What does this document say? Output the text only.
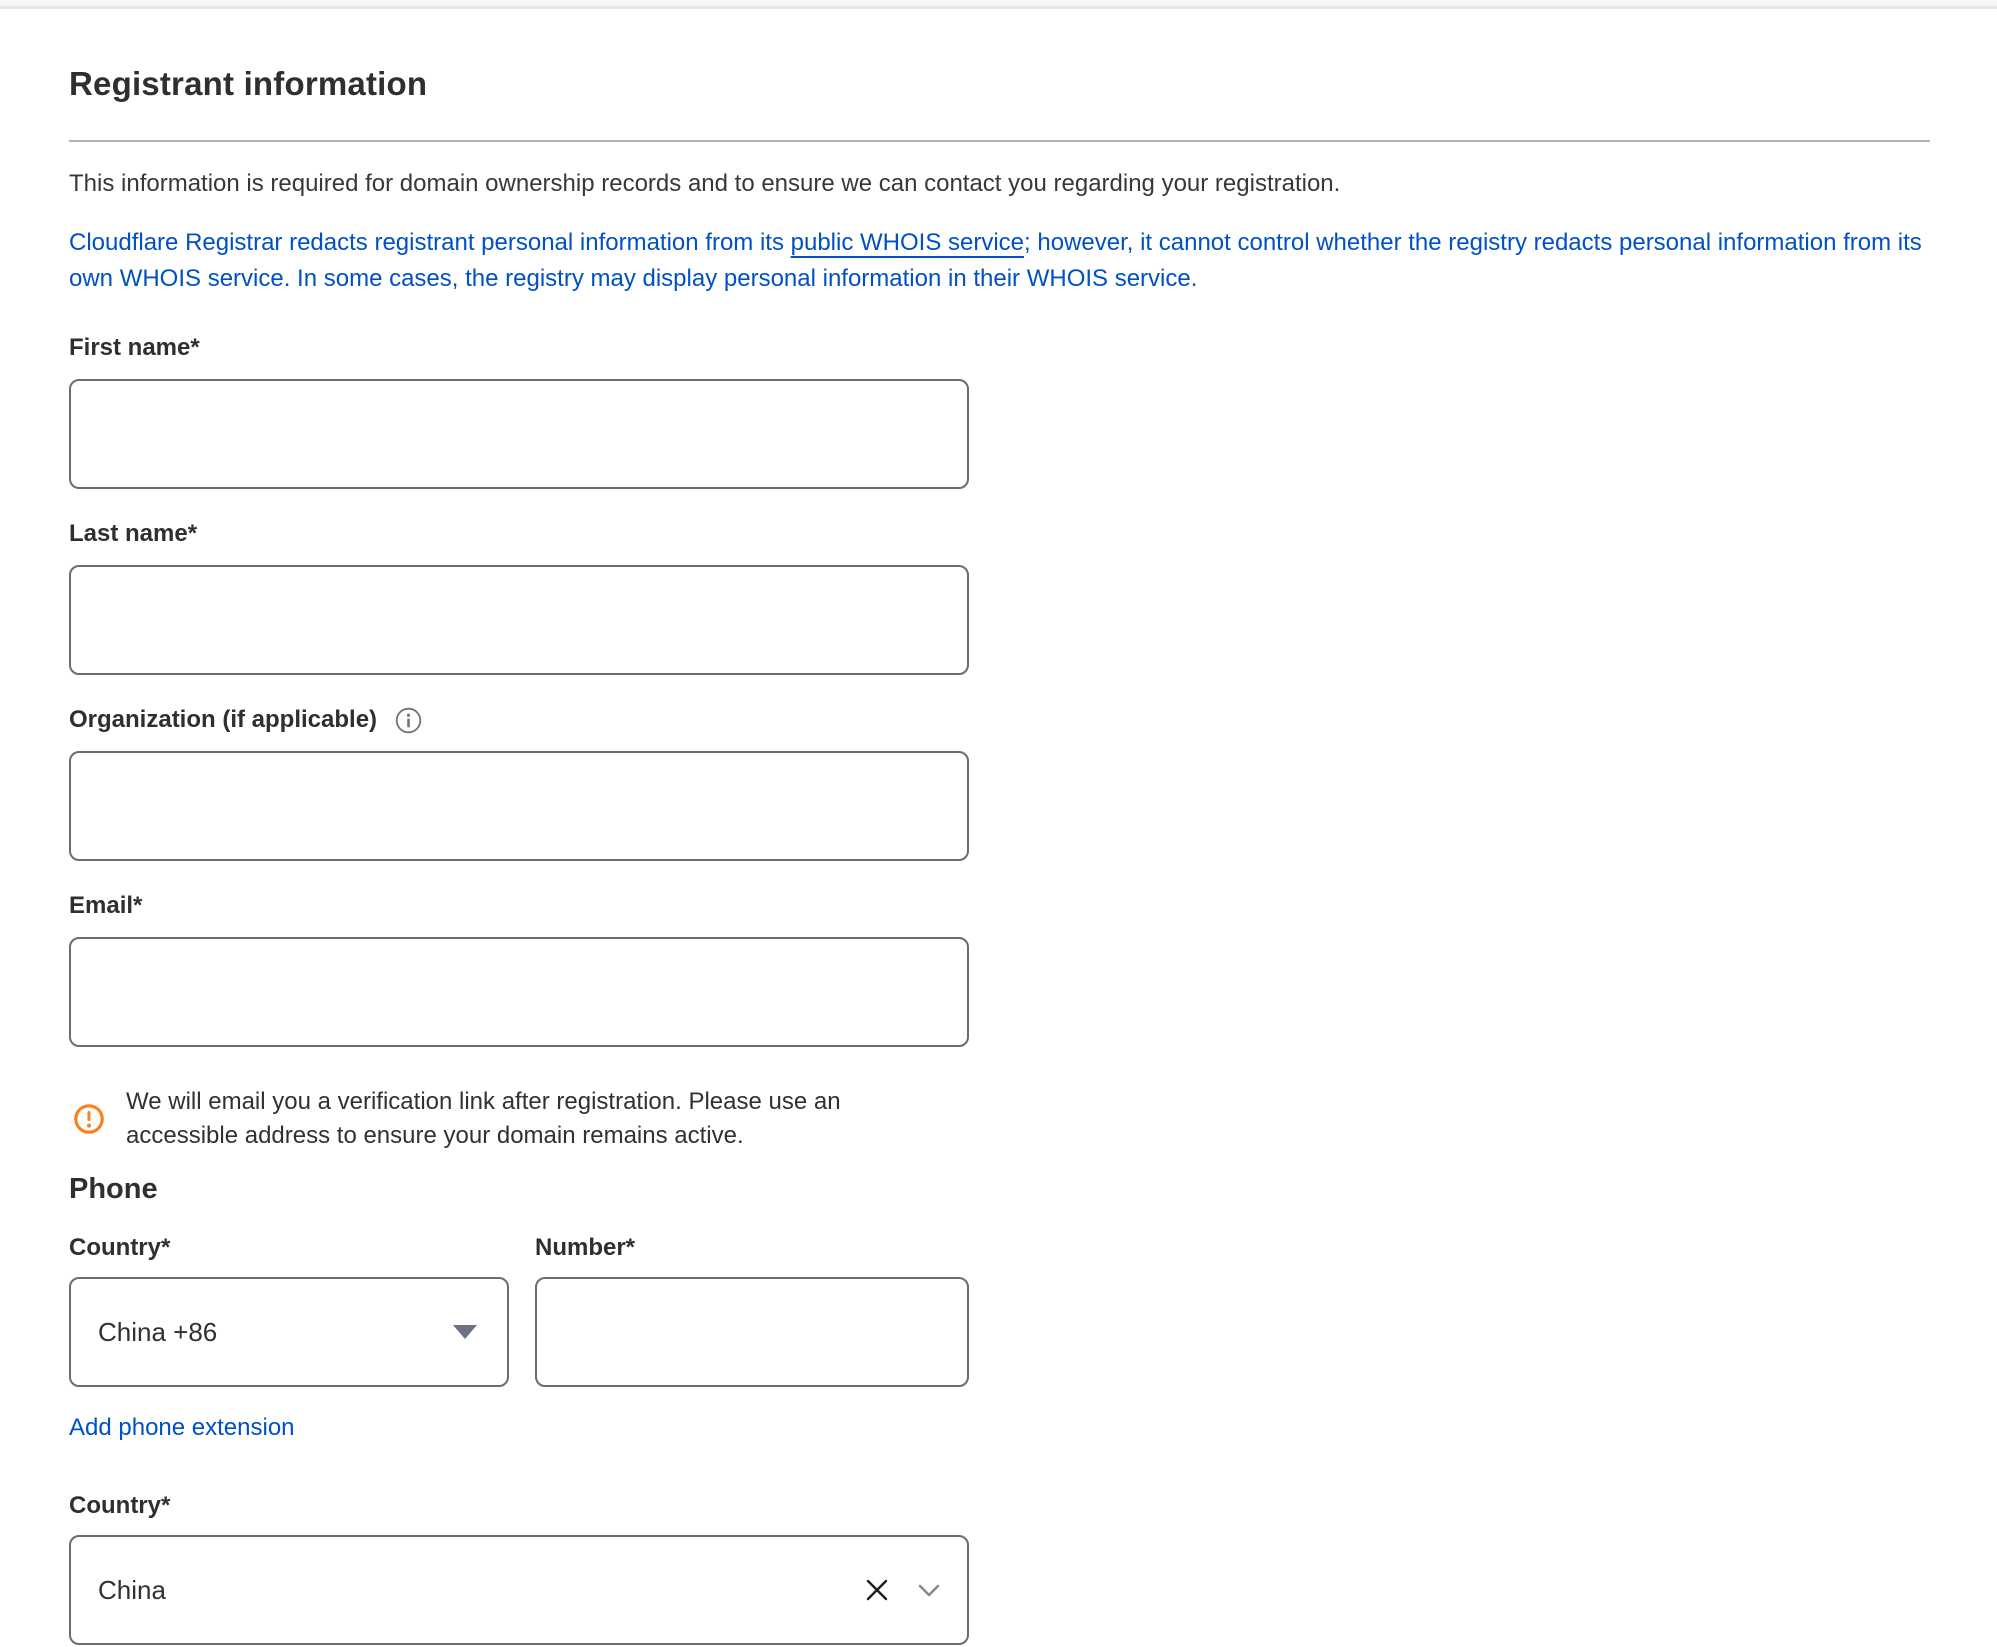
Registrant information

This information is required for domain ownership records and to ensure we can contact you regarding your registration.

Cloudflare Registrar redacts registrant personal information from its public WHOIS service; however, it cannot control whether the registry redacts personal information from its own WHOIS service. In some cases, the registry may display personal information in their WHOIS service.

First name*
Last name*
Organization (if applicable)
Email*
We will email you a verification link after registration. Please use an accessible address to ensure your domain remains active.
Phone
Country*
China +86
Number*
Add phone extension
Country*
China
